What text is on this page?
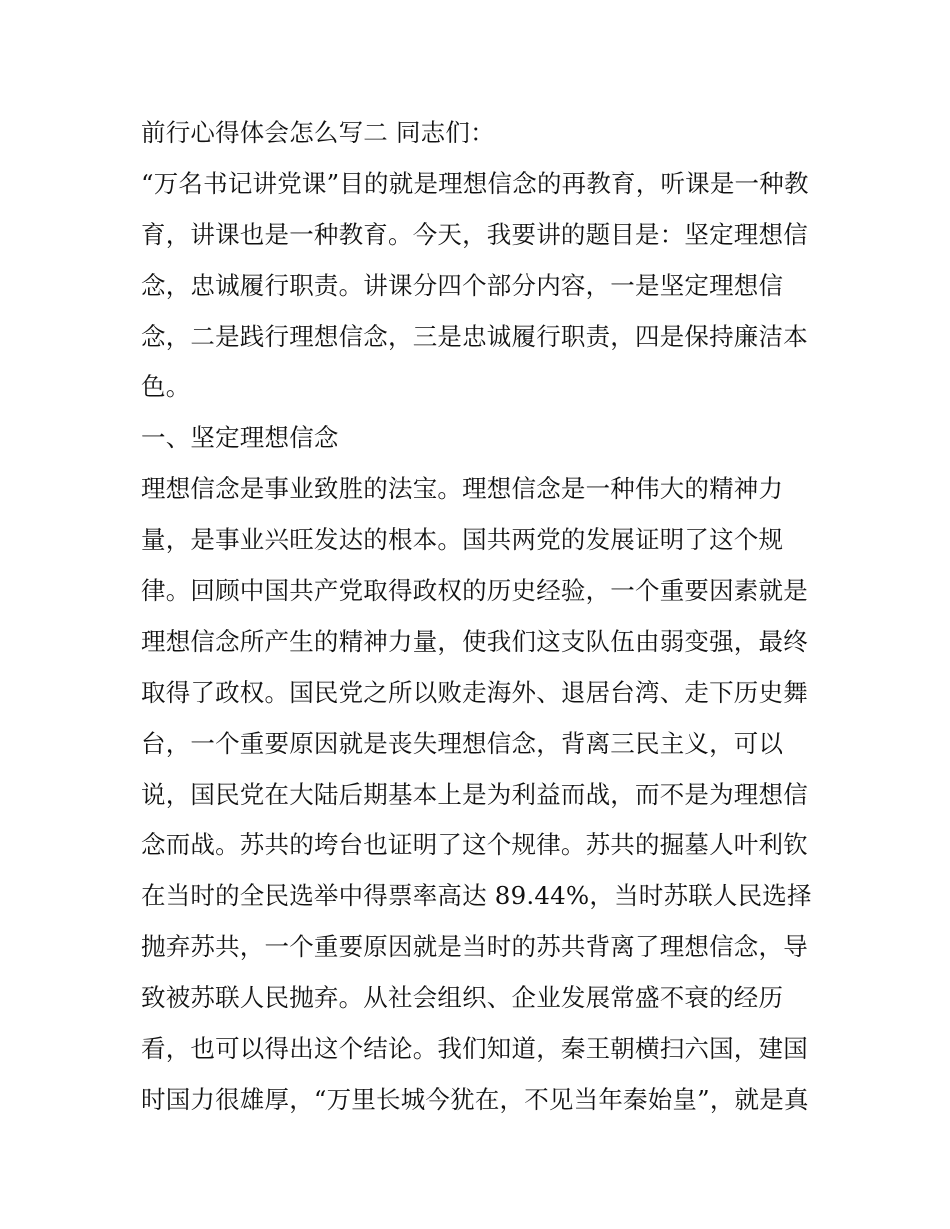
前行心得体会怎么写二 同志们：
“万名书记讲党课”目的就是理想信念的再教育，听课是一种教
育，讲课也是一种教育。今天，我要讲的题目是：坚定理想信
念，忠诚履行职责。讲课分四个部分内容，一是坚定理想信
念，二是践行理想信念，三是忠诚履行职责，四是保持廉洁本
色。
一、坚定理想信念
理想信念是事业致胜的法宝。理想信念是一种伟大的精神力
量，是事业兴旺发达的根本。国共两党的发展证明了这个规
律。回顾中国共产党取得政权的历史经验，一个重要因素就是
理想信念所产生的精神力量，使我们这支队伍由弱变强，最终
取得了政权。国民党之所以败走海外、退居台湾、走下历史舞
台，一个重要原因就是丧失理想信念，背离三民主义，可以
说，国民党在大陆后期基本上是为利益而战，而不是为理想信
念而战。苏共的垮台也证明了这个规律。苏共的掘墓人叶利钦
在当时的全民选举中得票率高达 89.44%，当时苏联人民选择
抛弃苏共，一个重要原因就是当时的苏共背离了理想信念，导
致被苏联人民抛弃。从社会组织、企业发展常盛不衰的经历
看，也可以得出这个结论。我们知道，秦王朝横扫六国，建国
时国力很雄厚，“万里长城今犹在，不见当年秦始皇”，就是真
